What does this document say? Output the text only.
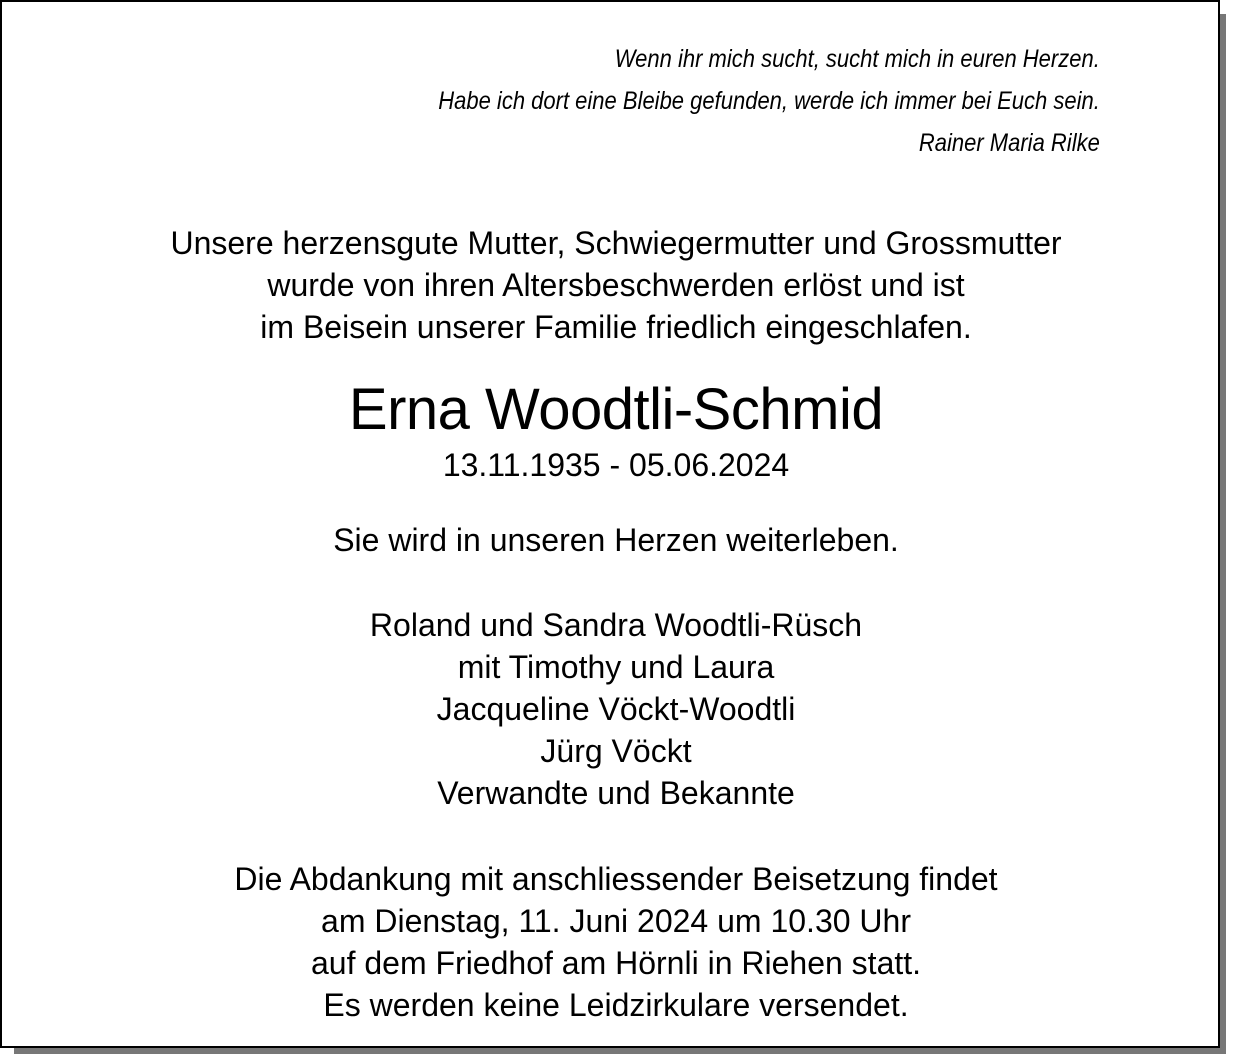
Wenn ihr mich sucht, sucht mich in euren Herzen.
Habe ich dort eine Bleibe gefunden, werde ich immer bei Euch sein.
Rainer Maria Rilke
Unsere herzensgute Mutter, Schwiegermutter und Grossmutter
wurde von ihren Altersbeschwerden erlöst und ist
im Beisein unserer Familie friedlich eingeschlafen.
Erna Woodtli-Schmid
13.11.1935 - 05.06.2024
Sie wird in unseren Herzen weiterleben.
Roland und Sandra Woodtli-Rüsch
mit Timothy und Laura
Jacqueline Vöckt-Woodtli
Jürg Vöckt
Verwandte und Bekannte
Die Abdankung mit anschliessender Beisetzung findet
am Dienstag, 11. Juni 2024 um 10.30 Uhr
auf dem Friedhof am Hörnli in Riehen statt.
Es werden keine Leidzirkulare versendet.
